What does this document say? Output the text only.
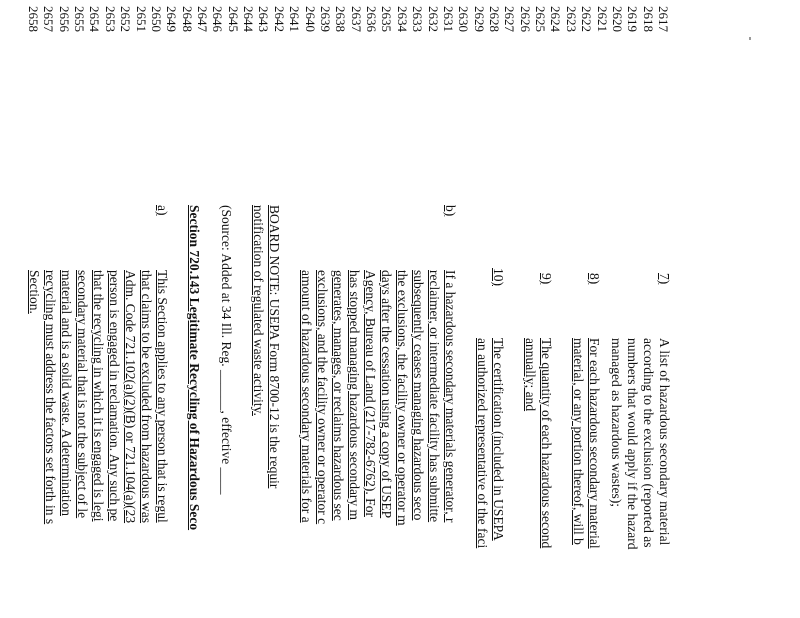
2617
2618
2619
2620
2621
2622
2623
2624
2625
2626
2627
2628
2629
2630
2631
2632
2633
2634
2635
2636
2637
2638
2639
2640
2641
2642
2643
2644
2645
2646
2647
2648
2649
2650
2651
2652
2653
2654
2655
2656
2657
2658
7)
A list of hazardous secondary material
according to the exclusion (reported as
numbers that would apply if the hazard
managed as hazardous wastes);
8)
For each hazardous secondary material
material, or any portion thereof, will b
9)
The quantity of each hazardous second
annually; and
10)
The certification (included in USEPA
an authorized representative of the faci
b)
If a hazardous secondary materials generator, r
reclaimer, or intermediate facility has submitte
subsequently ceases managing hazardous seco
the exclusions, the facility owner or operator m
days after the cessation using a copy of USEP
Agency, Bureau of Land (217-782-6762). For
has stopped managing hazardous secondary m
generates, manages, or reclaims hazardous sec
exclusions, and the facility owner or operator c
amount of hazardous secondary materials for a
BOARD NOTE: USEPA Form 8700-12 is the requir
notification of regulated waste activity.
(Source: Added at 34 Ill. Reg. ______, effective ____
Section 720.143 Legitimate Recycling of Hazardous Seco
a)
This Section applies to any person that is regul
that claims to be excluded from hazardous was
Adm. Code 721.102(a)(2)(B) or 721.104(a)(23
person is engaged in reclamation. Any such pe
that the recycling in which it is engaged is legi
secondary material that is not the subject of le
material and is a solid waste. A determination
recycling must address the factors set forth in s
Section.
